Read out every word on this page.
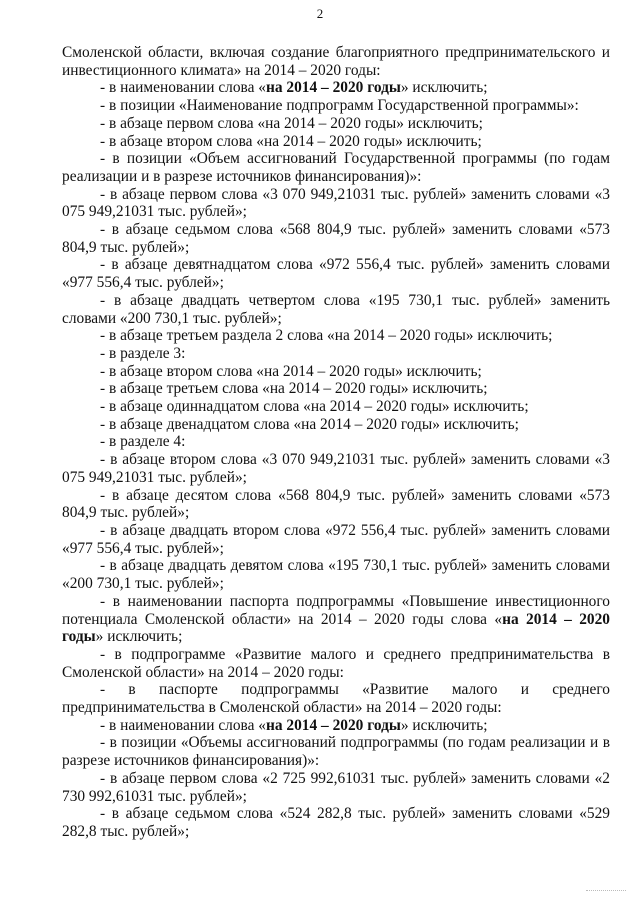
2

Смоленской области, включая создание благоприятного предпринимательского и инвестиционного климата» на 2014 – 2020 годы:

- в наименовании слова «на 2014 – 2020 годы» исключить;

- в позиции «Наименование подпрограмм Государственной программы»:

- в абзаце первом слова «на 2014 – 2020 годы» исключить;

- в абзаце втором слова «на 2014 – 2020 годы» исключить;

- в позиции «Объем ассигнований Государственной программы (по годам реализации и в разрезе источников финансирования)»:

- в абзаце первом слова «3 070 949,21031 тыс. рублей» заменить словами «3 075 949,21031 тыс. рублей»;

- в абзаце седьмом слова «568 804,9 тыс. рублей» заменить словами «573 804,9 тыс. рублей»;

- в абзаце девятнадцатом слова «972 556,4 тыс. рублей» заменить словами «977 556,4 тыс. рублей»;

- в абзаце двадцать четвертом слова «195 730,1 тыс. рублей» заменить словами «200 730,1 тыс. рублей»;

- в абзаце третьем раздела 2 слова «на 2014 – 2020 годы» исключить;

- в разделе 3:

- в абзаце втором слова «на 2014 – 2020 годы» исключить;

- в абзаце третьем слова «на 2014 – 2020 годы» исключить;

- в абзаце одиннадцатом слова «на 2014 – 2020 годы» исключить;

- в абзаце двенадцатом слова «на 2014 – 2020 годы» исключить;

- в разделе 4:

- в абзаце втором слова «3 070 949,21031 тыс. рублей» заменить словами «3 075 949,21031 тыс. рублей»;

- в абзаце десятом слова «568 804,9 тыс. рублей» заменить словами «573 804,9 тыс. рублей»;

- в абзаце двадцать втором слова «972 556,4 тыс. рублей» заменить словами «977 556,4 тыс. рублей»;

- в абзаце двадцать девятом слова «195 730,1 тыс. рублей» заменить словами «200 730,1 тыс. рублей»;

- в наименовании паспорта подпрограммы «Повышение инвестиционного потенциала Смоленской области» на 2014 – 2020 годы слова «на 2014 – 2020 годы» исключить;

- в подпрограмме «Развитие малого и среднего предпринимательства в Смоленской области» на 2014 – 2020 годы:

- в паспорте подпрограммы «Развитие малого и среднего предпринимательства в Смоленской области» на 2014 – 2020 годы:

- в наименовании слова «на 2014 – 2020 годы» исключить;

- в позиции «Объемы ассигнований подпрограммы (по годам реализации и в разрезе источников финансирования)»:

- в абзаце первом слова «2 725 992,61031 тыс. рублей» заменить словами «2 730 992,61031 тыс. рублей»;

- в абзаце седьмом слова «524 282,8 тыс. рублей» заменить словами «529 282,8 тыс. рублей»;
